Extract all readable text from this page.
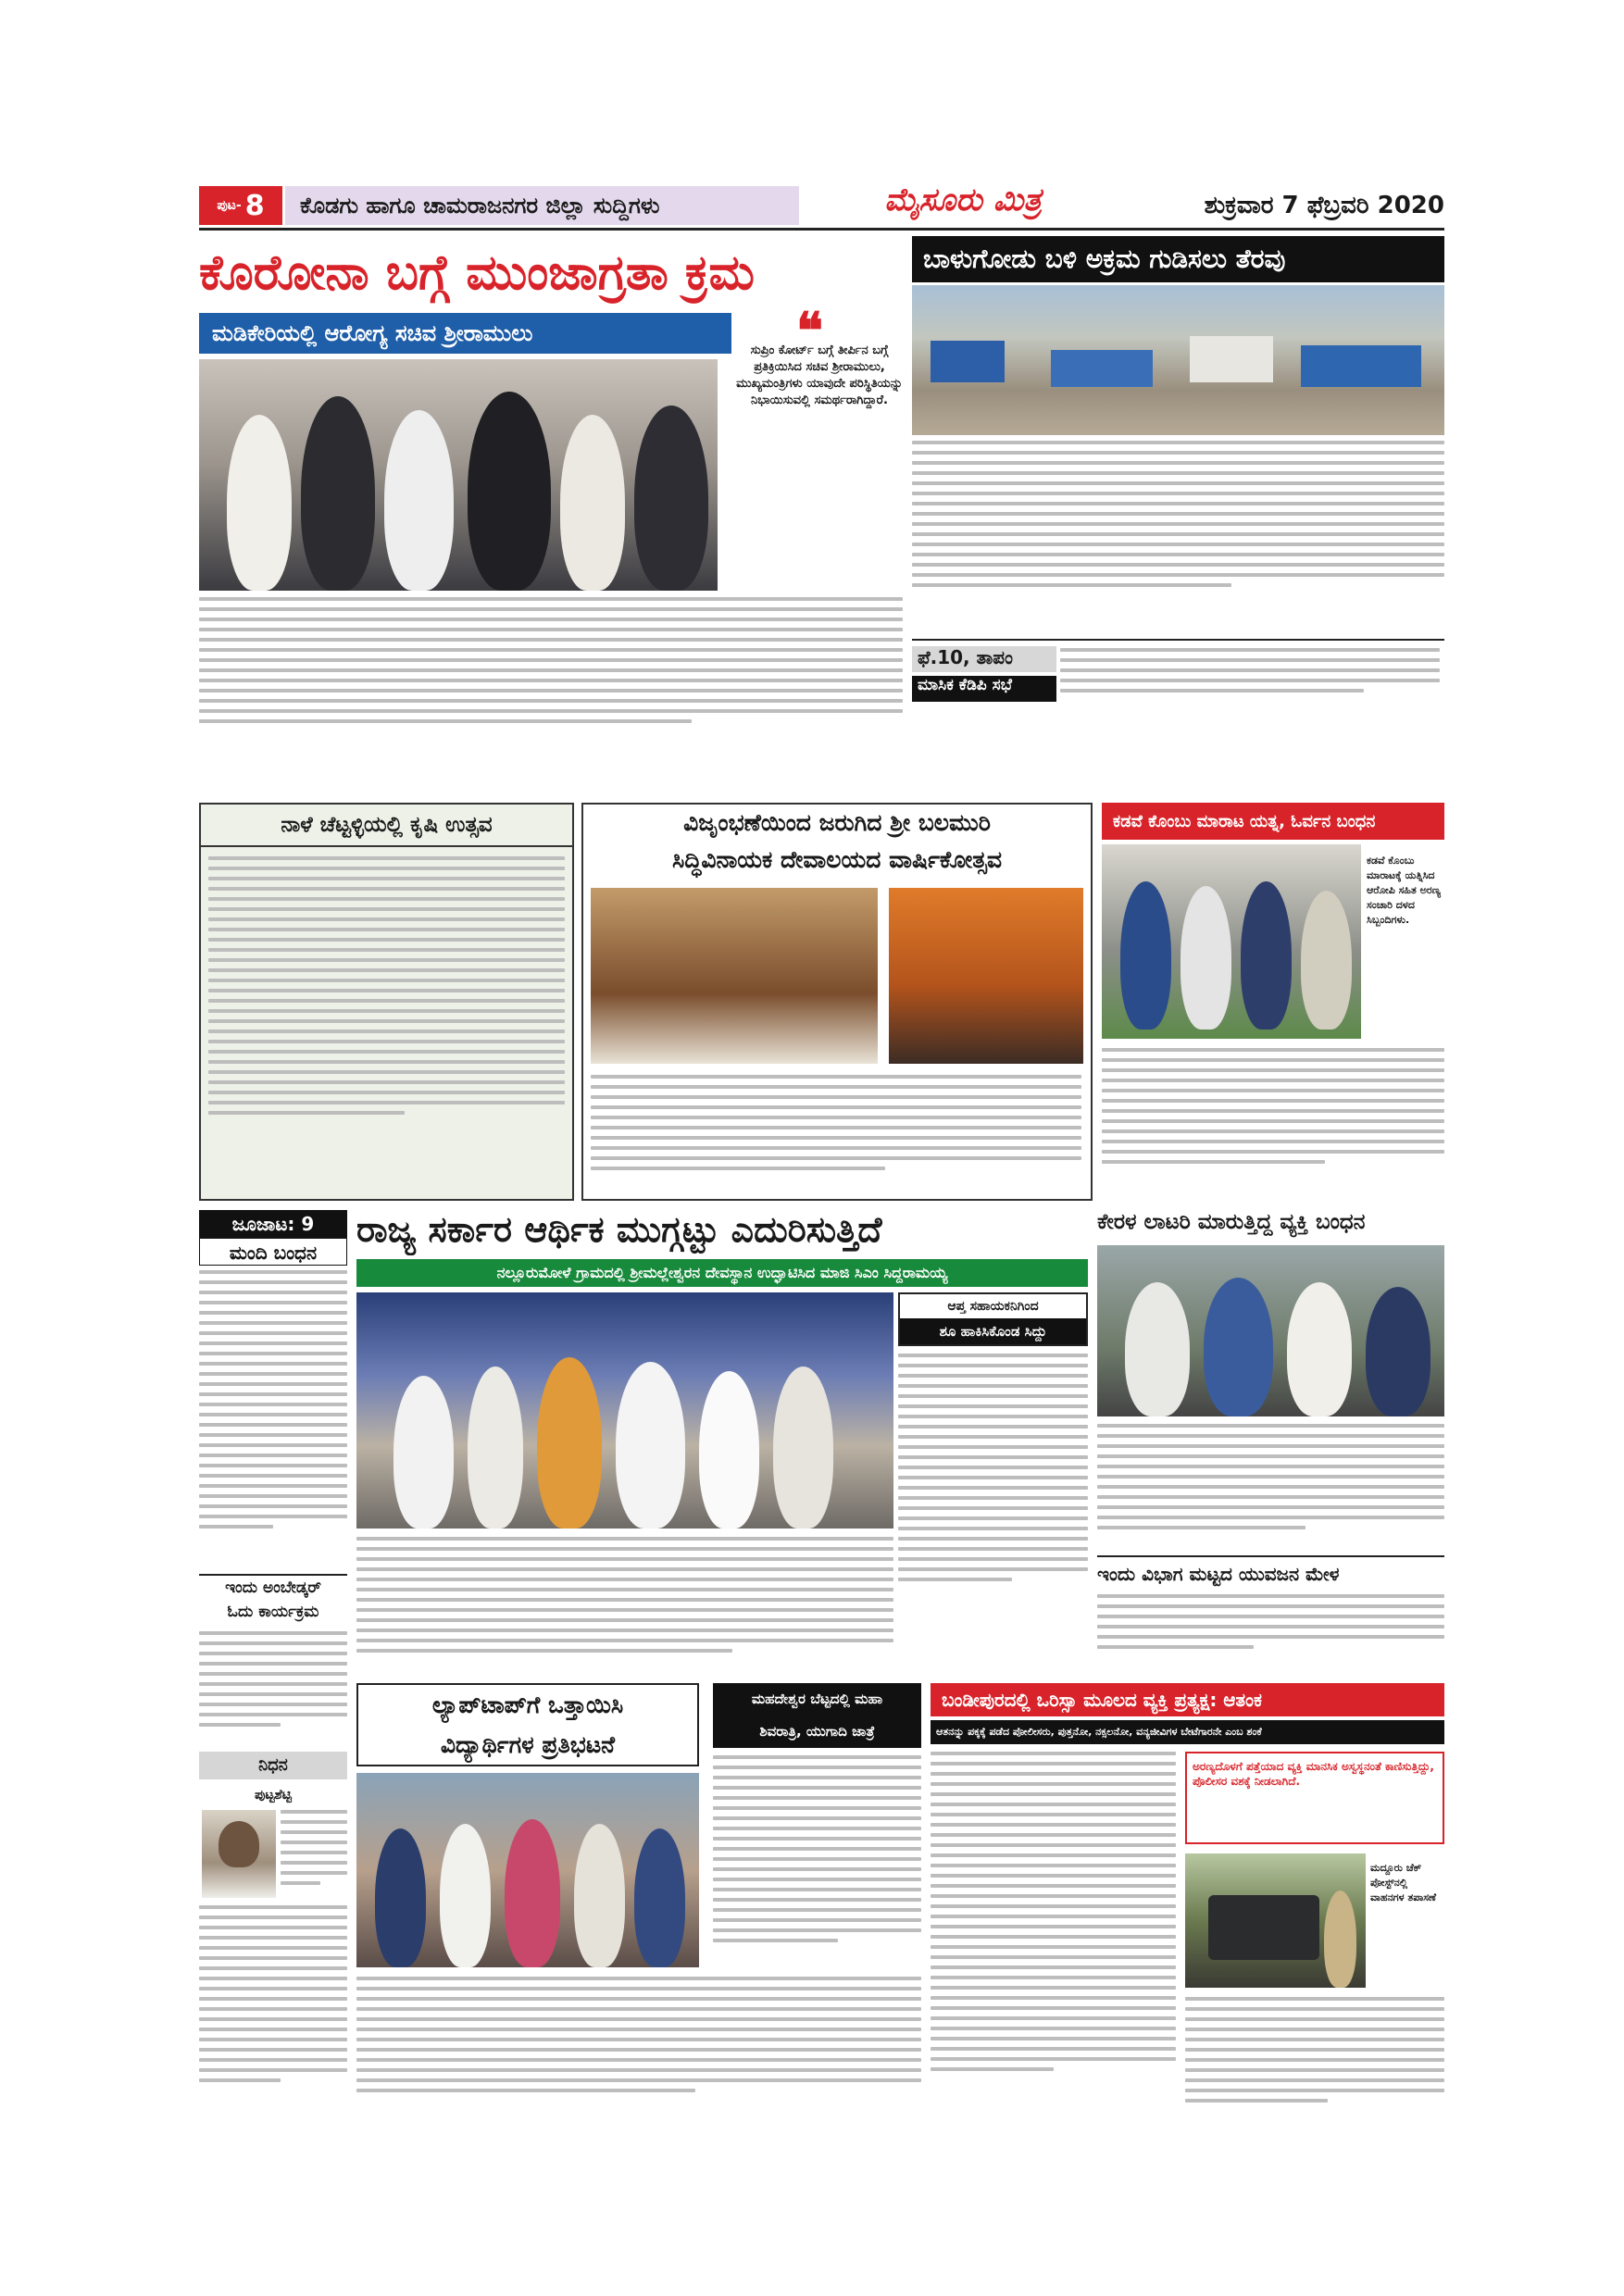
ಪುಟ- 8	ಕೊಡಗು ಹಾಗೂ ಚಾಮರಾಜನಗರ ಜಿಲ್ಲಾ ಸುದ್ದಿಗಳು	ಮೈಸೂರು ಮಿತ್ರ	ಶುಕ್ರವಾರ 7 ಫೆಬ್ರವರಿ 2020
ಕೊರೋನಾ ಬಗ್ಗೆ ಮುಂಜಾಗ್ರತಾ ಕ್ರಮ
ಮಡಿಕೇರಿಯಲ್ಲಿ ಆರೋಗ್ಯ ಸಚಿವ ಶ್ರೀರಾಮುಲು	❝
ಸುಪ್ರಿಂ ಕೋರ್ಟ್ ಬಗ್ಗೆ ತೀರ್ಪಿನ ಬಗ್ಗೆ ಪ್ರತಿಕ್ರಿಯಿಸಿದ ಸಚಿವ ಶ್ರೀರಾಮುಲು, ಮುಖ್ಯಮಂತ್ರಿಗಳು ಯಾವುದೇ ಪರಿಸ್ಥಿತಿಯನ್ನು ನಿಭಾಯಿಸುವಲ್ಲಿ ಸಮರ್ಥರಾಗಿದ್ದಾರೆ.
ಬಾಳುಗೋಡು ಬಳಿ ಅಕ್ರಮ ಗುಡಿಸಲು ತೆರವು
ಫೆ.10, ತಾಪಂ
ಮಾಸಿಕ ಕೆಡಿಪಿ ಸಭೆ
ನಾಳೆ ಚೆಟ್ಟಳ್ಳಿಯಲ್ಲಿ ಕೃಷಿ ಉತ್ಸವ	ವಿಜೃಂಭಣೆಯಿಂದ ಜರುಗಿದ ಶ್ರೀ ಬಲಮುರಿ
ಸಿದ್ಧಿವಿನಾಯಕ ದೇವಾಲಯದ ವಾರ್ಷಿಕೋತ್ಸವ
ಕಡವೆ ಕೊಂಬು ಮಾರಾಟ ಯತ್ನ, ಓರ್ವನ ಬಂಧನ
ಕಡವೆ ಕೊಂಬು ಮಾರಾಟಕ್ಕೆ ಯತ್ನಿಸಿದ ಆರೋಪಿ ಸಹಿತ ಅರಣ್ಯ ಸಂಚಾರಿ ದಳದ ಸಿಬ್ಬಂದಿಗಳು.
ಜೂಜಾಟ: 9
ಮಂದಿ ಬಂಧನ
ರಾಜ್ಯ ಸರ್ಕಾರ ಆರ್ಥಿಕ ಮುಗ್ಗಟ್ಟು ಎದುರಿಸುತ್ತಿದೆ
ನಲ್ಲೂರುಮೋಳೆ ಗ್ರಾಮದಲ್ಲಿ ಶ್ರೀಮಲ್ಲೇಶ್ವರನ ದೇವಸ್ಥಾನ ಉದ್ಘಾಟಿಸಿದ ಮಾಜಿ ಸಿಎಂ ಸಿದ್ದರಾಮಯ್ಯ
ಆಪ್ತ ಸಹಾಯಕನಿಗಿಂದ
ಶೂ ಹಾಕಿಸಿಕೊಂಡ ಸಿದ್ದು
ಕೇರಳ ಲಾಟರಿ ಮಾರುತ್ತಿದ್ದ ವ್ಯಕ್ತಿ ಬಂಧನ
ಇಂದು ಅಂಬೇಡ್ಕರ್
ಓದು ಕಾರ್ಯಕ್ರಮ
ಇಂದು ವಿಭಾಗ ಮಟ್ಟದ ಯುವಜನ ಮೇಳ
ಲ್ಯಾಪ್‌ಟಾಪ್‌ಗೆ ಒತ್ತಾಯಿಸಿ
ವಿದ್ಯಾರ್ಥಿಗಳ ಪ್ರತಿಭಟನೆ
ಮಹದೇಶ್ವರ ಬೆಟ್ಟದಲ್ಲಿ ಮಹಾ
ಶಿವರಾತ್ರಿ, ಯುಗಾದಿ ಜಾತ್ರೆ
ಬಂಡೀಪುರದಲ್ಲಿ ಒರಿಸ್ಸಾ ಮೂಲದ ವ್ಯಕ್ತಿ ಪ್ರತ್ಯಕ್ಷ: ಆತಂಕ
ಆತನನ್ನು ಪಕ್ಕಕ್ಕೆ ಪಡೆದ ಪೋಲೀಸರು, ಪುತ್ತನೋ, ನಕ್ಸಲನೋ, ವನ್ಯಜೀವಿಗಳ ಬೇಟೆಗಾರನೇ ಎಂಬ ಶಂಕೆ
ಅರಣ್ಯದೊಳಗೆ ಪತ್ತೆಯಾದ ವ್ಯಕ್ತಿ ಮಾನಸಿಕ ಅಸ್ವಸ್ಥನಂತೆ ಕಾಣಿಸುತ್ತಿದ್ದು, ಪೊಲೀಸರ ವಶಕ್ಕೆ ನೀಡಲಾಗಿದೆ.
ಮದ್ದೂರು ಚೆಕ್ ಪೋಸ್ಟ್‌ನಲ್ಲಿ ವಾಹನಗಳ ತಪಾಸಣೆ
ನಿಧನ
ಪುಟ್ಟಶೆಟ್ಟಿ
